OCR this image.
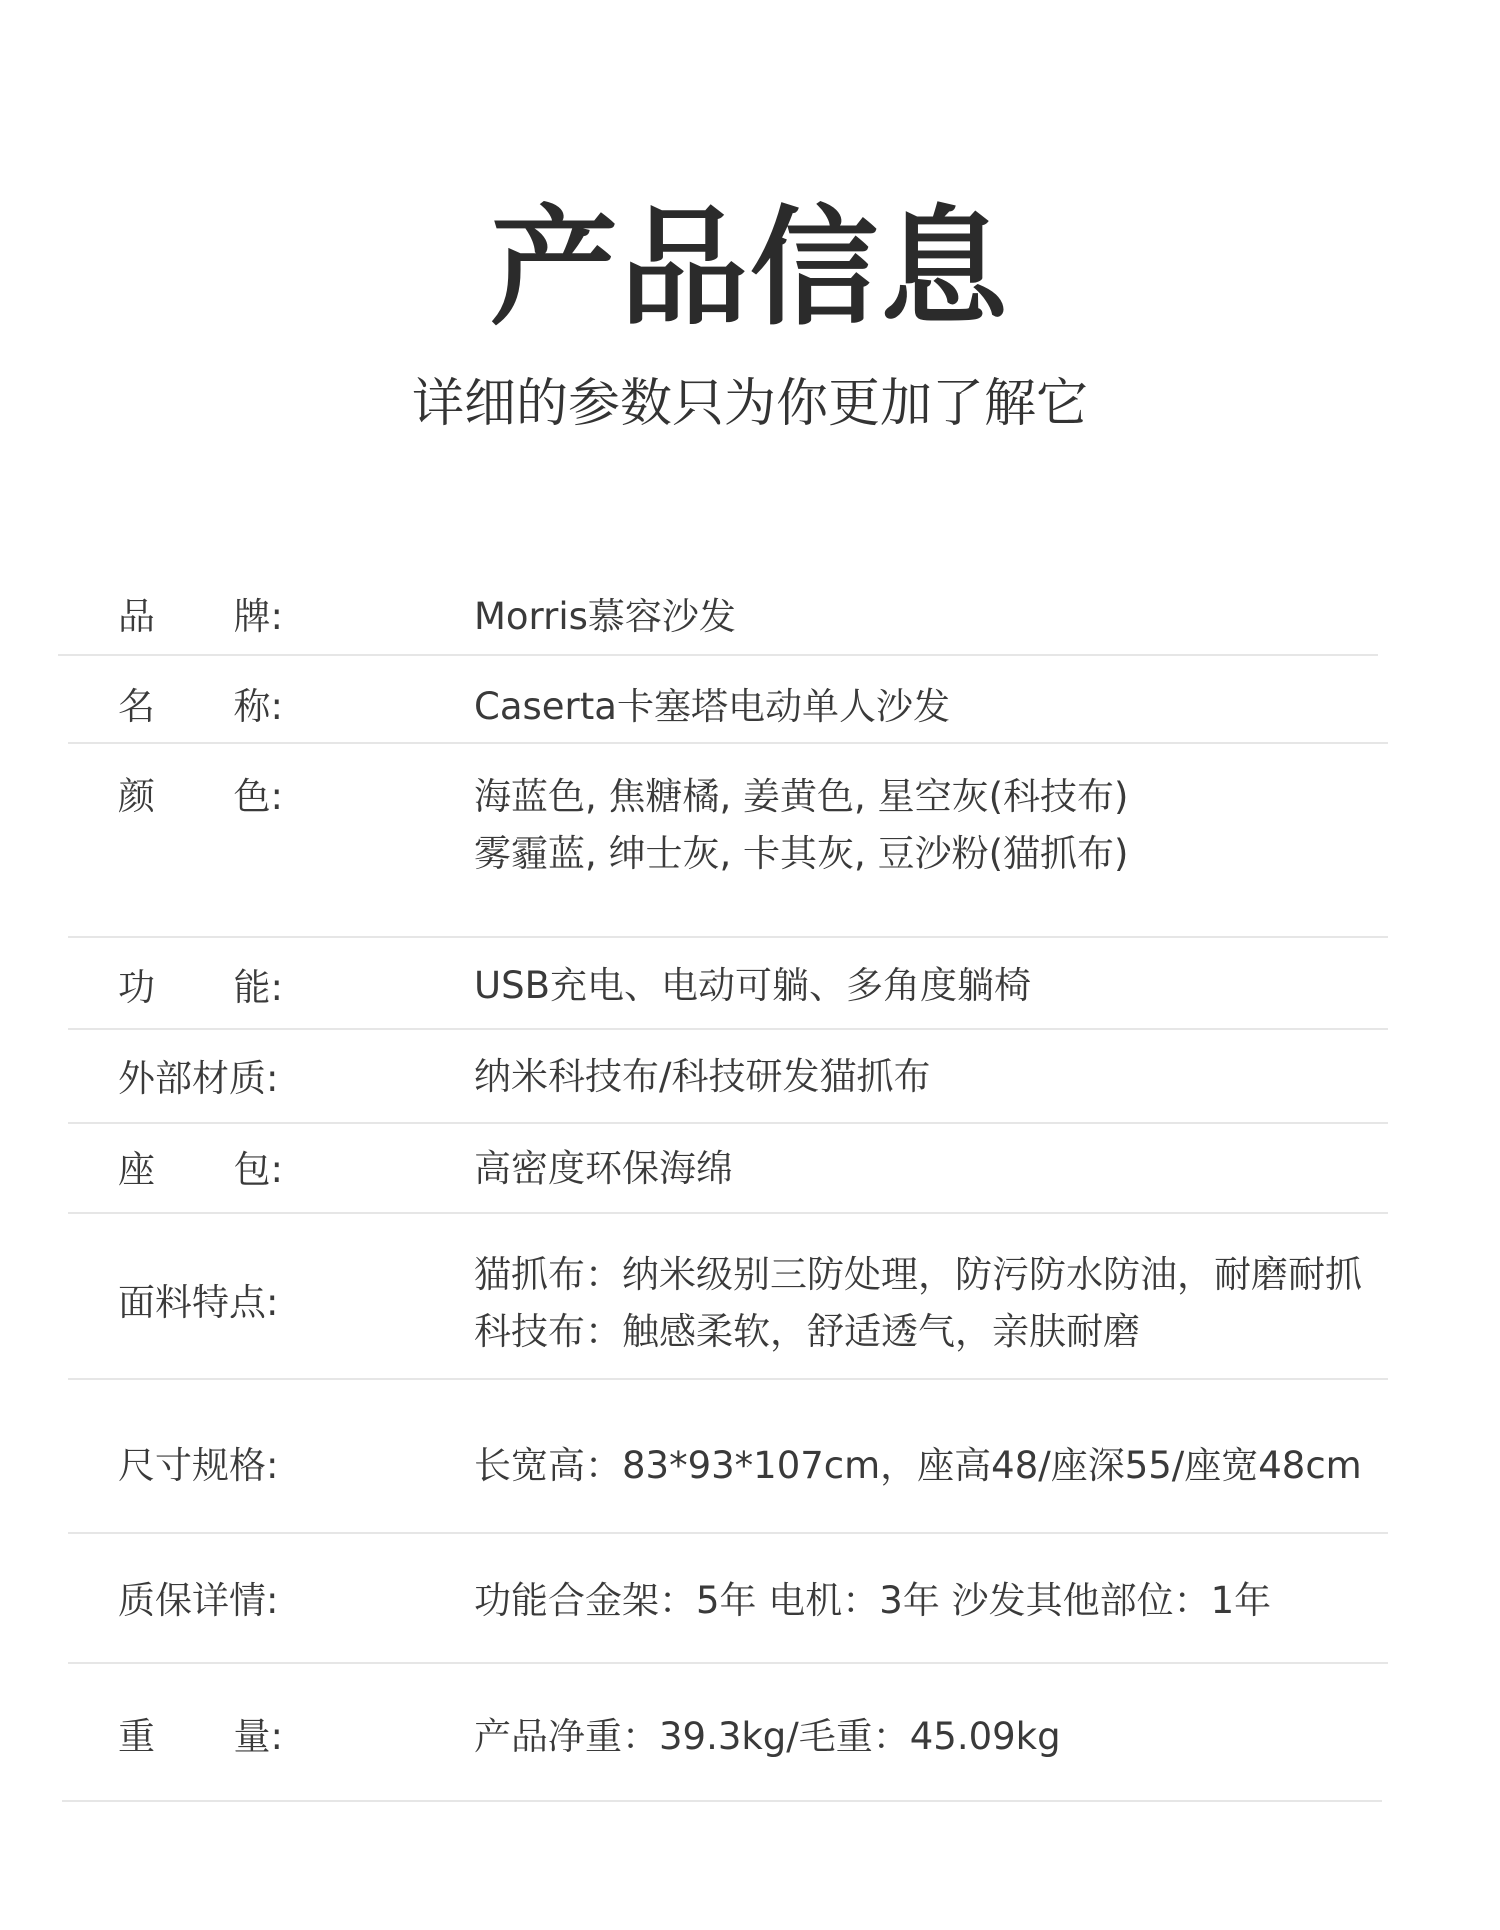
产品信息
详细的参数只为你更加了解它
品 牌:	Morris慕容沙发
名 称:	Caserta卡塞塔电动单人沙发
颜 色:	海蓝色, 焦糖橘, 姜黄色, 星空灰(科技布)
雾霾蓝, 绅士灰, 卡其灰, 豆沙粉(猫抓布)
功 能:	USB充电、电动可躺、多角度躺椅
外部材质:	纳米科技布/科技研发猫抓布
座 包:	高密度环保海绵
面料特点:
猫抓布：纳米级别三防处理，防污防水防油，耐磨耐抓
科技布：触感柔软，舒适透气，亲肤耐磨
尺寸规格:	长宽高：83*93*107cm，座高48/座深55/座宽48cm
质保详情:	功能合金架：5年 电机：3年 沙发其他部位：1年
重 量:	产品净重：39.3kg/毛重：45.09kg
